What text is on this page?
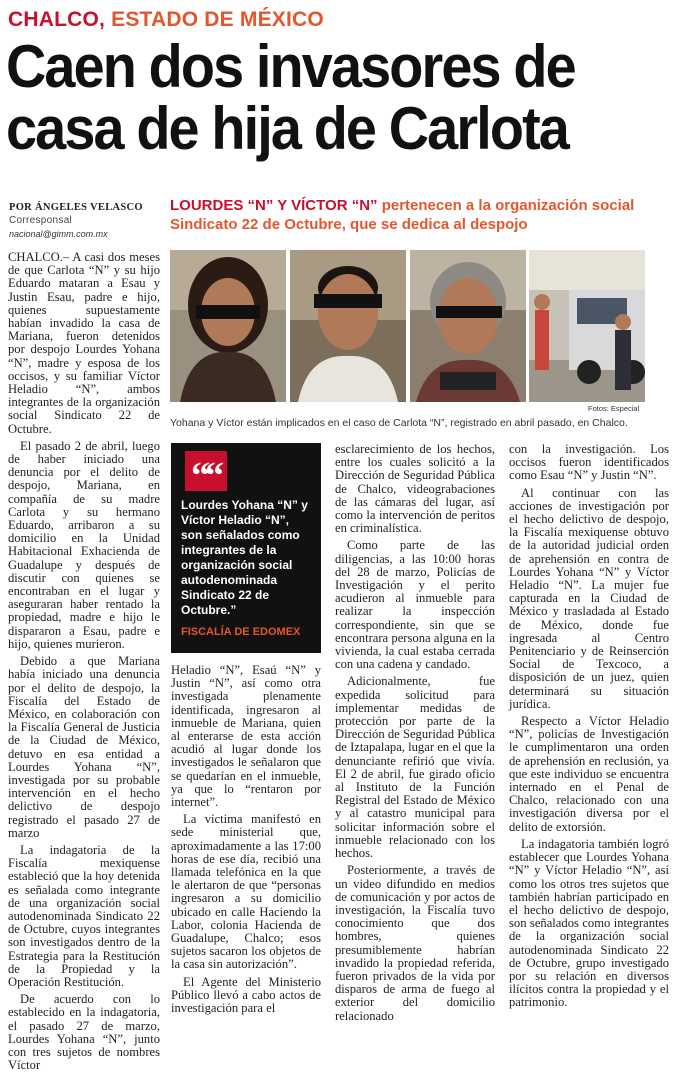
CHALCO, ESTADO DE MÉXICO
Caen dos invasores de
casa de hija de Carlota
POR ÁNGELES VELASCO
Corresponsal
nacional@gimm.com.mx
LOURDES “N” Y VÍCTOR “N” pertenecen a la organización social Sindicato 22 de Octubre, que se dedica al despojo
Fotos: Especial
Yohana y Víctor están implicados en el caso de Carlota “N”, registrado en abril pasado, en Chalco.
“
“
Lourdes Yohana “N” y Víctor Heladio “N”, son señalados como integrantes de la organización social autodenominada Sindicato 22 de Octubre.”
FISCALÍA DE EDOMEX

CHALCO.– A casi dos meses de que Carlota “N” y su hijo Eduardo mataran a Esau y Justin Esau, padre e hijo, quienes supuestamente habían invadido la casa de Mariana, fueron detenidos por despojo Lourdes Yohana “N”, madre y esposa de los occisos, y su familiar Víctor Heladio “N”, ambos integrantes de la organización social Sindicato 22 de Octubre.

El pasado 2 de abril, luego de haber iniciado una denuncia por el delito de despojo, Mariana, en compañía de su madre Carlota y su hermano Eduardo, arribaron a su domicilio en la Unidad Habitacional Exhacienda de Guadalupe y después de discutir con quienes se encontraban en el lugar y aseguraran haber rentado la propiedad, madre e hijo le dispararon a Esau, padre e hijo, quienes murieron.

Debido a que Mariana había iniciado una denuncia por el delito de despojo, la Fiscalía del Estado de México, en colaboración con la Fiscalía General de Justicia de la Ciudad de México, detuvo en esa entidad a Lourdes Yohana “N”, investigada por su probable intervención en el hecho delictivo de despojo registrado el pasado 27 de marzo

La indagatoria de la Fiscalía mexiquense estableció que la hoy detenida es señalada como integrante de una organización social autodenominada Sindicato 22 de Octubre, cuyos integrantes son investigados dentro de la Estrategia para la Restitución de la Propiedad y la Operación Restitución.

De acuerdo con lo establecido en la indagatoria, el pasado 27 de marzo, Lourdes Yohana “N”, junto con tres sujetos de nombres Víctor

Heladio “N”, Esaú “N” y Justin “N”, así como otra investigada plenamente identificada, ingresaron al inmueble de Mariana, quien al enterarse de esta acción acudió al lugar donde los investigados le señalaron que se quedarían en el inmueble, ya que lo “rentaron por internet”.

La víctima manifestó en sede ministerial que, aproximadamente a las 17:00 horas de ese día, recibió una llamada telefónica en la que le alertaron de que “personas ingresaron a su domicilio ubicado en calle Haciendo la Labor, colonia Hacienda de Guadalupe, Chalco; esos sujetos sacaron los objetos de la casa sin autorización”.

El Agente del Ministerio Público llevó a cabo actos de investigación para el

esclarecimiento de los hechos, entre los cuales solicitó a la Dirección de Seguridad Pública de Chalco, videograbaciones de las cámaras del lugar, así como la intervención de peritos en criminalística.

Como parte de las diligencias, a las 10:00 horas del 28 de marzo, Policías de Investigación y el perito acudieron al inmueble para realizar la inspección correspondiente, sin que se encontrara persona alguna en la vivienda, la cual estaba cerrada con una cadena y candado.

Adicionalmente, fue expedida solicitud para implementar medidas de protección por parte de la Dirección de Seguridad Pública de Iztapalapa, lugar en el que la denunciante refirió que vivía. El 2 de abril, fue girado oficio al Instituto de la Función Registral del Estado de México y al catastro municipal para solicitar información sobre el inmueble relacionado con los hechos.

Posteriormente, a través de un video difundido en medios de comunicación y por actos de investigación, la Fiscalía tuvo conocimiento que dos hombres, quienes presumiblemente habrían invadido la propiedad referida, fueron privados de la vida por disparos de arma de fuego al exterior del domicilio relacionado

con la investigación. Los occisos fueron identificados como Esau “N” y Justin “N”.

Al continuar con las acciones de investigación por el hecho delictivo de despojo, la Fiscalía mexiquense obtuvo de la autoridad judicial orden de aprehensión en contra de Lourdes Yohana “N” y Víctor Heladio “N”. La mujer fue capturada en la Ciudad de México y trasladada al Estado de México, donde fue ingresada al Centro Penitenciario y de Reinserción Social de Texcoco, a disposición de un juez, quien determinará su situación jurídica.

Respecto a Víctor Heladio “N”, policías de Investigación le cumplimentaron una orden de aprehensión en reclusión, ya que este individuo se encuentra internado en el Penal de Chalco, relacionado con una investigación diversa por el delito de extorsión.

La indagatoria también logró establecer que Lourdes Yohana “N” y Víctor Heladio “N”, así como los otros tres sujetos que también habrían participado en el hecho delictivo de despojo, son señalados como integrantes de la organización social autodenominada Sindicato 22 de Octubre, grupo investigado por su relación en diversos ilícitos contra la propiedad y el patrimonio.
